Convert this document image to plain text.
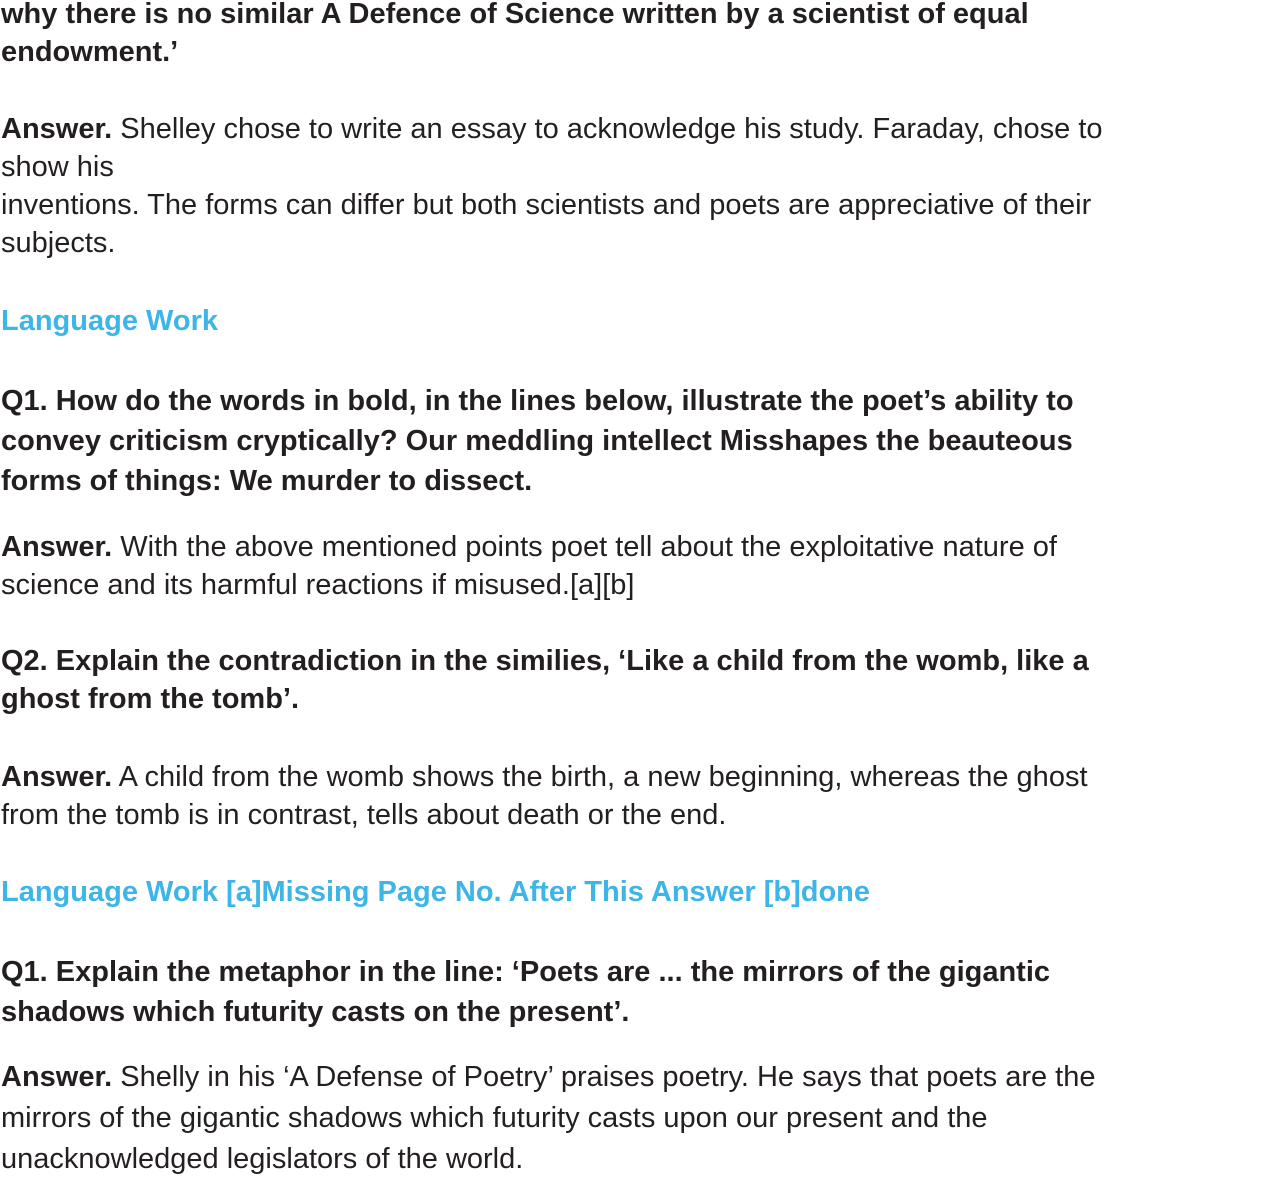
why there is no similar A Defence of Science written by a scientist of equal
endowment.’
Answer. Shelley chose to write an essay to acknowledge his study. Faraday, chose to
show his
inventions. The forms can differ but both scientists and poets are appreciative of their
subjects.
Language Work
Q1. How do the words in bold, in the lines below, illustrate the poet’s ability to
convey criticism cryptically? Our meddling intellect Misshapes the beauteous
forms of things: We murder to dissect.
Answer. With the above mentioned points poet tell about the exploitative nature of
science and its harmful reactions if misused.[a][b]
Q2. Explain the contradiction in the similies, ‘Like a child from the womb, like a
ghost from the tomb’.
Answer. A child from the womb shows the birth, a new beginning, whereas the ghost
from the tomb is in contrast, tells about death or the end.
Language Work [a]Missing Page No. After This Answer [b]done
Q1. Explain the metaphor in the line: ‘Poets are ... the mirrors of the gigantic
shadows which futurity casts on the present’.
Answer. Shelly in his ‘A Defense of Poetry’ praises poetry. He says that poets are the
mirrors of the gigantic shadows which futurity casts upon our present and the
unacknowledged legislators of the world.
